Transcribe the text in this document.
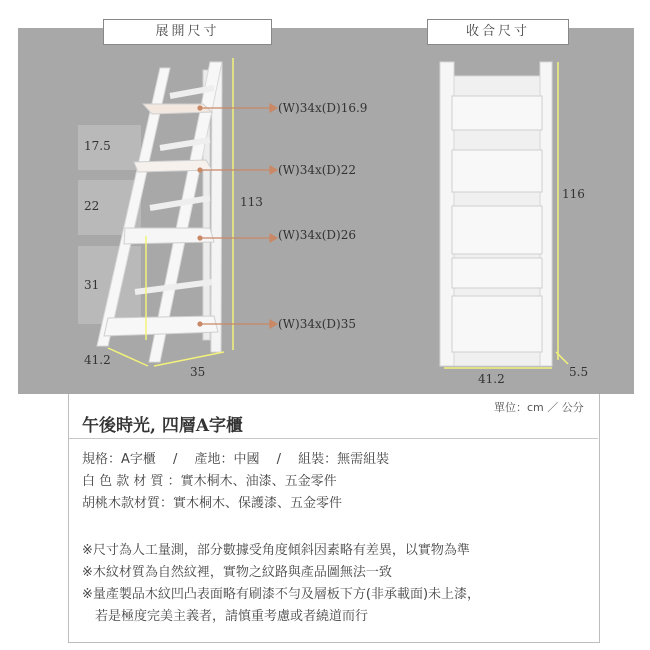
17.5
22
31
展開尺寸	收合尺寸
(W)34x(D)16.9
(W)34x(D)22
(W)34x(D)26
(W)34x(D)35
113
41.2
35
116
41.2	5.5
單位：cm ／ 公分
午後時光, 四層A字櫃
規格：A字櫃　 /　 產地：中國　 /　 組裝：無需組裝
白 色 款 材 質 ：實木桐木、油漆、五金零件
胡桃木款材質：實木桐木、保護漆、五金零件
※尺寸為人工量測，部分數據受角度傾斜因素略有差異，以實物為準
※木紋材質為自然紋裡，實物之紋路與產品圖無法一致
※量產製品木紋凹凸表面略有刷漆不勻及層板下方(非承載面)未上漆，
　若是極度完美主義者，請慎重考慮或者繞道而行
